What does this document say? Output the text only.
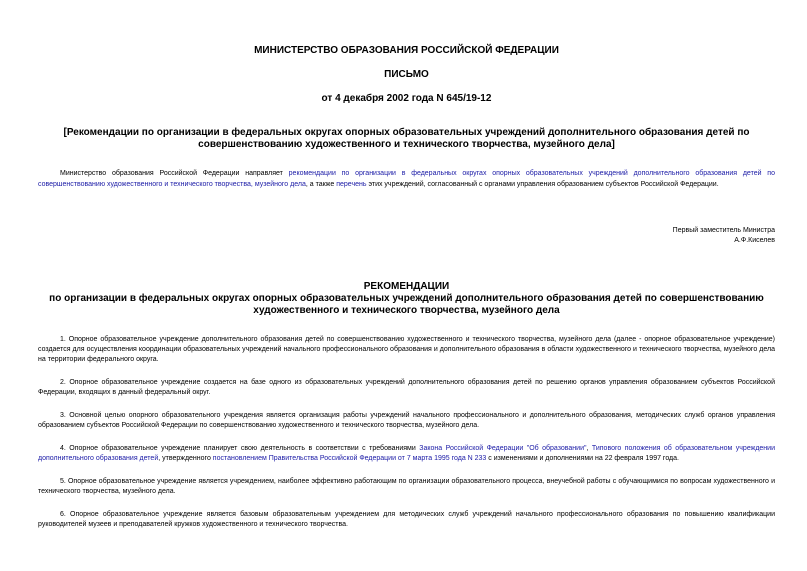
МИНИСТЕРСТВО ОБРАЗОВАНИЯ РОССИЙСКОЙ ФЕДЕРАЦИИ

ПИСЬМО

от 4 декабря 2002 года N 645/19-12

[Рекомендации по организации в федеральных округах опорных образовательных учреждений дополнительного образования детей по совершенствованию художественного и технического творчества, музейного дела]

Министерство образования Российской Федерации направляет рекомендации по организации в федеральных округах опорных образовательных учреждений дополнительного образования детей по совершенствованию художественного и технического творчества, музейного дела, а также перечень этих учреждений, согласованный с органами управления образованием субъектов Российской Федерации.

Первый заместитель Министра

А.Ф.Киселев

РЕКОМЕНДАЦИИ

по организации в федеральных округах опорных образовательных учреждений дополнительного образования детей по совершенствованию художественного и технического творчества, музейного дела

1. Опорное образовательное учреждение дополнительного образования детей по совершенствованию художественного и технического творчества, музейного дела (далее - опорное образовательное учреждение) создается для осуществления координации образовательных учреждений начального профессионального образования и дополнительного образования в области художественного и технического творчества, музейного дела на территории федерального округа.

2. Опорное образовательное учреждение создается на базе одного из образовательных учреждений дополнительного образования детей по решению органов управления образованием субъектов Российской Федерации, входящих в данный федеральный округ.

3. Основной целью опорного образовательного учреждения является организация работы учреждений начального профессионального и дополнительного образования, методических служб органов управления образованием субъектов Российской Федерации по совершенствованию художественного и технического творчества, музейного дела.

4. Опорное образовательное учреждение планирует свою деятельность в соответствии с требованиями Закона Российской Федерации "Об образовании", Типового положения об образовательном учреждении дополнительного образования детей, утвержденного постановлением Правительства Российской Федерации от 7 марта 1995 года N 233 с изменениями и дополнениями на 22 февраля 1997 года.

5. Опорное образовательное учреждение является учреждением, наиболее эффективно работающим по организации образовательного процесса, внеучебной работы с обучающимися по вопросам художественного и технического творчества, музейного дела.

6. Опорное образовательное учреждение является базовым образовательным учреждением для методических служб учреждений начального профессионального образования по повышению квалификации руководителей музеев и преподавателей кружков художественного и технического творчества.
